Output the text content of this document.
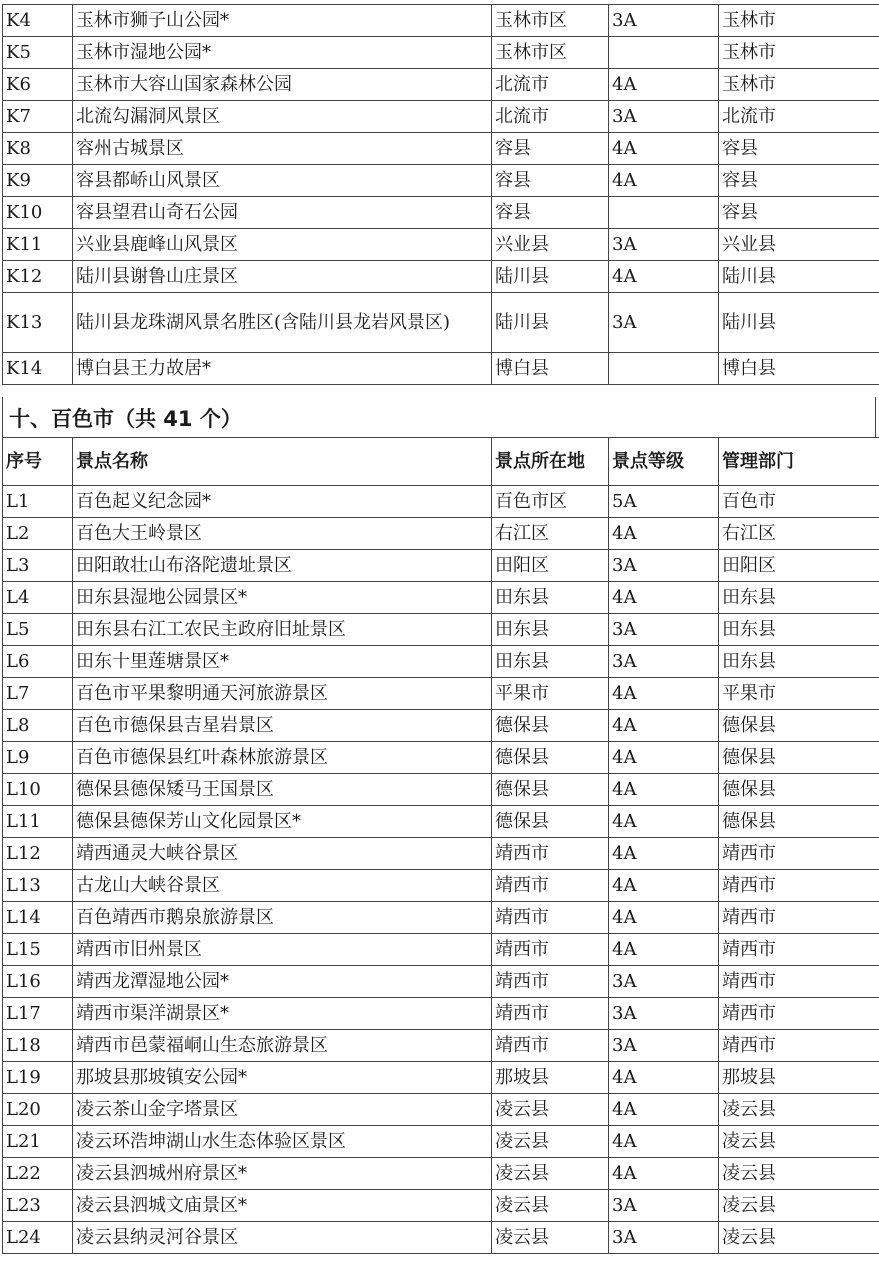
K4	玉林市狮子山公园*	玉林市区	3A	玉林市
K5	玉林市湿地公园*	玉林市区		玉林市
K6	玉林市大容山国家森林公园	北流市	4A	玉林市
K7	北流勾漏洞风景区	北流市	3A	北流市
K8	容州古城景区	容县	4A	容县
K9	容县都峤山风景区	容县	4A	容县
K10	容县望君山奇石公园	容县		容县
K11	兴业县鹿峰山风景区	兴业县	3A	兴业县
K12	陆川县谢鲁山庄景区	陆川县	4A	陆川县
K13	陆川县龙珠湖风景名胜区(含陆川县龙岩风景区)	陆川县	3A	陆川县
K14	博白县王力故居*	博白县		博白县
十、百色市（共 41 个）
序号	景点名称	景点所在地	景点等级	管理部门
L1	百色起义纪念园*	百色市区	5A	百色市
L2	百色大王岭景区	右江区	4A	右江区
L3	田阳敢壮山布洛陀遗址景区	田阳区	3A	田阳区
L4	田东县湿地公园景区*	田东县	4A	田东县
L5	田东县右江工农民主政府旧址景区	田东县	3A	田东县
L6	田东十里莲塘景区*	田东县	3A	田东县
L7	百色市平果黎明通天河旅游景区	平果市	4A	平果市
L8	百色市德保县吉星岩景区	德保县	4A	德保县
L9	百色市德保县红叶森林旅游景区	德保县	4A	德保县
L10	德保县德保矮马王国景区	德保县	4A	德保县
L11	德保县德保芳山文化园景区*	德保县	4A	德保县
L12	靖西通灵大峡谷景区	靖西市	4A	靖西市
L13	古龙山大峡谷景区	靖西市	4A	靖西市
L14	百色靖西市鹅泉旅游景区	靖西市	4A	靖西市
L15	靖西市旧州景区	靖西市	4A	靖西市
L16	靖西龙潭湿地公园*	靖西市	3A	靖西市
L17	靖西市渠洋湖景区*	靖西市	3A	靖西市
L18	靖西市邑蒙福峒山生态旅游景区	靖西市	3A	靖西市
L19	那坡县那坡镇安公园*	那坡县	4A	那坡县
L20	凌云茶山金字塔景区	凌云县	4A	凌云县
L21	凌云环浩坤湖山水生态体验区景区	凌云县	4A	凌云县
L22	凌云县泗城州府景区*	凌云县	4A	凌云县
L23	凌云县泗城文庙景区*	凌云县	3A	凌云县
L24	凌云县纳灵河谷景区	凌云县	3A	凌云县
